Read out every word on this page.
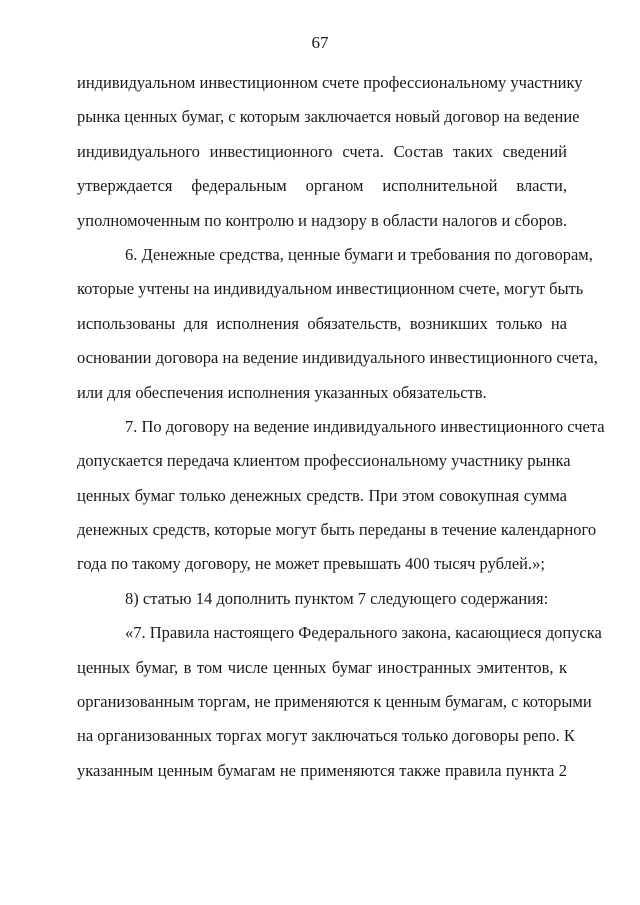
67
индивидуальном инвестиционном счете профессиональному участнику
рынка ценных бумаг, с которым заключается новый договор на ведение
индивидуального инвестиционного счета. Состав таких сведений
утверждается федеральным органом исполнительной власти,
уполномоченным по контролю и надзору в области налогов и сборов.
6. Денежные средства, ценные бумаги и требования по договорам,
которые учтены на индивидуальном инвестиционном счете, могут быть
использованы для исполнения обязательств, возникших только на
основании договора на ведение индивидуального инвестиционного счета,
или для обеспечения исполнения указанных обязательств.
7. По договору на ведение индивидуального инвестиционного счета
допускается передача клиентом профессиональному участнику рынка
ценных бумаг только денежных средств. При этом совокупная сумма
денежных средств, которые могут быть переданы в течение календарного
года по такому договору, не может превышать 400 тысяч рублей.»;
8) статью 14 дополнить пунктом 7 следующего содержания:
«7. Правила настоящего Федерального закона, касающиеся допуска
ценных бумаг, в том числе ценных бумаг иностранных эмитентов, к
организованным торгам, не применяются к ценным бумагам, с которыми
на организованных торгах могут заключаться только договоры репо. К
указанным ценным бумагам не применяются также правила пункта 2
